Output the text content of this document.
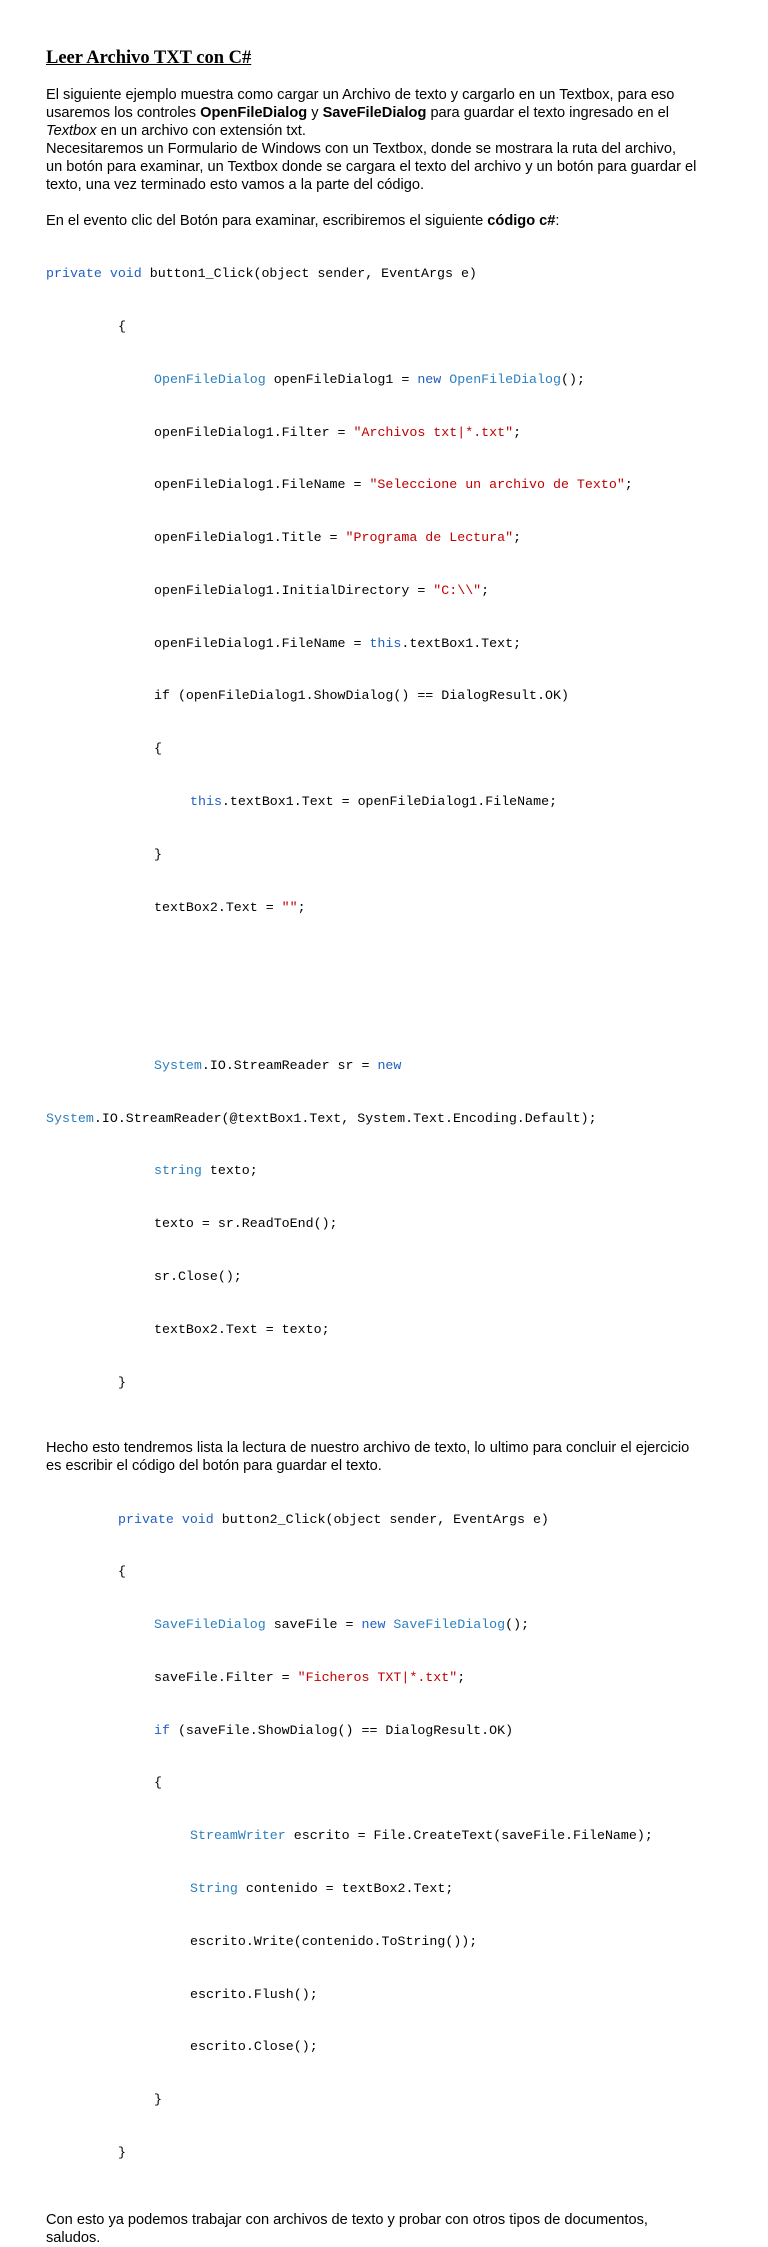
Leer Archivo TXT con C#

El siguiente ejemplo muestra como cargar un Archivo de texto y cargarlo en un Textbox, para eso

usaremos los controles OpenFileDialog y SaveFileDialog para guardar el texto ingresado en el

Textbox en un archivo con extensión txt.

Necesitaremos un Formulario de Windows con un Textbox, donde se mostrara la ruta del archivo,

un botón para examinar, un Textbox donde se cargara el texto del archivo y un botón para guardar el

texto, una vez terminado esto vamos a la parte del código.

En el evento clic del Botón para examinar, escribiremos el siguiente código c#:

private void button1_Click(object sender, EventArgs e)

{

OpenFileDialog openFileDialog1 = new OpenFileDialog();

openFileDialog1.Filter = "Archivos txt|*.txt";

openFileDialog1.FileName = "Seleccione un archivo de Texto";

openFileDialog1.Title = "Programa de Lectura";

openFileDialog1.InitialDirectory = "C:\\";

openFileDialog1.FileName = this.textBox1.Text;

if (openFileDialog1.ShowDialog() == DialogResult.OK)

{

this.textBox1.Text = openFileDialog1.FileName;

}

textBox2.Text = "";

System.IO.StreamReader sr = new

System.IO.StreamReader(@textBox1.Text, System.Text.Encoding.Default);

string texto;

texto = sr.ReadToEnd();

sr.Close();

textBox2.Text = texto;

}

Hecho esto tendremos lista la lectura de nuestro archivo de texto, lo ultimo para concluir el ejercicio

es escribir el código del botón para guardar el texto.

private void button2_Click(object sender, EventArgs e)

{

SaveFileDialog saveFile = new SaveFileDialog();

saveFile.Filter = "Ficheros TXT|*.txt";

if (saveFile.ShowDialog() == DialogResult.OK)

{

StreamWriter escrito = File.CreateText(saveFile.FileName);

String contenido = textBox2.Text;

escrito.Write(contenido.ToString());

escrito.Flush();

escrito.Close();

}

}

Con esto ya podemos trabajar con archivos de texto y probar con otros tipos de documentos,

saludos.
